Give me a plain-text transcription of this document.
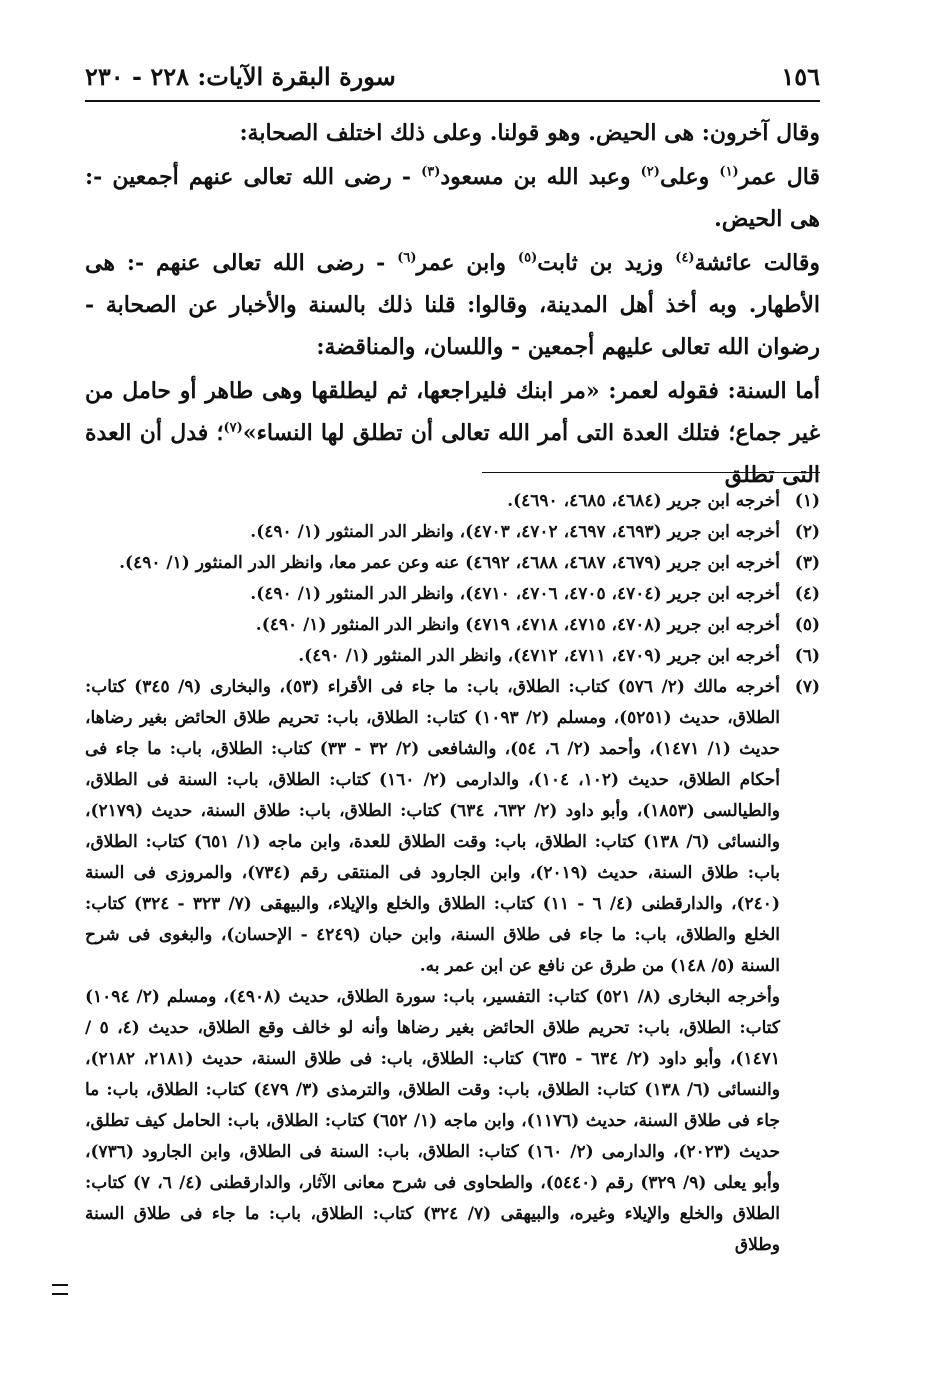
١٥٦
سورة البقرة الآيات: ٢٢٨ - ٢٣٠

وقال آخرون: هى الحيض. وهو قولنا. وعلى ذلك اختلف الصحابة:

قال عمر$^{(١)}$ وعلى$^{(٢)}$ وعبد الله بن مسعود$^{(٣)}$ - رضى الله تعالى عنهم أجمعين -: هى الحيض.

وقالت عائشة$^{(٤)}$ وزيد بن ثابت$^{(٥)}$ وابن عمر$^{(٦)}$ - رضى الله تعالى عنهم -: هى الأطهار. وبه أخذ أهل المدينة، وقالوا: قلنا ذلك بالسنة والأخبار عن الصحابة - رضوان الله تعالى عليهم أجمعين - واللسان، والمناقضة:

أما السنة: فقوله لعمر: «مر ابنك فليراجعها، ثم ليطلقها وهى طاهر أو حامل من غير جماع؛ فتلك العدة التى أمر الله تعالى أن تطلق لها النساء»$^{(٧)}$؛ فدل أن العدة التى تطلق

(١)
أخرجه ابن جرير (٤٦٨٤، ٤٦٨٥، ٤٦٩٠).
(٢)
أخرجه ابن جرير (٤٦٩٣، ٤٦٩٧، ٤٧٠٢، ٤٧٠٣)، وانظر الدر المنثور (١/ ٤٩٠).
(٣)
أخرجه ابن جرير (٤٦٧٩، ٤٦٨٧، ٤٦٨٨، ٤٦٩٢) عنه وعن عمر معا، وانظر الدر المنثور (١/ ٤٩٠).
(٤)
أخرجه ابن جرير (٤٧٠٤، ٤٧٠٥، ٤٧٠٦، ٤٧١٠)، وانظر الدر المنثور (١/ ٤٩٠).
(٥)
أخرجه ابن جرير (٤٧٠٨، ٤٧١٥، ٤٧١٨، ٤٧١٩) وانظر الدر المنثور (١/ ٤٩٠).
(٦)
أخرجه ابن جرير (٤٧٠٩، ٤٧١١، ٤٧١٢)، وانظر الدر المنثور (١/ ٤٩٠).
(٧)
أخرجه مالك (٢/ ٥٧٦) كتاب: الطلاق، باب: ما جاء فى الأقراء (٥٣)، والبخارى (٩/ ٣٤٥) كتاب: الطلاق، حديث (٥٢٥١)، ومسلم (٢/ ١٠٩٣) كتاب: الطلاق، باب: تحريم طلاق الحائض بغير رضاها، حديث (١/ ١٤٧١)، وأحمد (٢/ ٦، ٥٤)، والشافعى (٢/ ٣٢ - ٣٣) كتاب: الطلاق، باب: ما جاء فى أحكام الطلاق، حديث (١٠٢، ١٠٤)، والدارمى (٢/ ١٦٠) كتاب: الطلاق، باب: السنة فى الطلاق، والطيالسى (١٨٥٣)، وأبو داود (٢/ ٦٣٢، ٦٣٤) كتاب: الطلاق، باب: طلاق السنة، حديث (٢١٧٩)، والنسائى (٦/ ١٣٨) كتاب: الطلاق، باب: وقت الطلاق للعدة، وابن ماجه (١/ ٦٥١) كتاب: الطلاق، باب: طلاق السنة، حديث (٢٠١٩)، وابن الجارود فى المنتقى رقم (٧٣٤)، والمروزى فى السنة (٢٤٠)، والدارقطنى (٤/ ٦ - ١١) كتاب: الطلاق والخلع والإيلاء، والبيهقى (٧/ ٣٢٣ - ٣٢٤) كتاب: الخلع والطلاق، باب: ما جاء فى طلاق السنة، وابن حبان (٤٢٤٩ - الإحسان)، والبغوى فى شرح السنة (٥/ ١٤٨) من طرق عن نافع عن ابن عمر به.
وأخرجه البخارى (٨/ ٥٢١) كتاب: التفسير، باب: سورة الطلاق، حديث (٤٩٠٨)، ومسلم (٢/ ١٠٩٤) كتاب: الطلاق، باب: تحريم طلاق الحائض بغير رضاها وأنه لو خالف وقع الطلاق، حديث (٤، ٥ / ١٤٧١)، وأبو داود (٢/ ٦٣٤ - ٦٣٥) كتاب: الطلاق، باب: فى طلاق السنة، حديث (٢١٨١، ٢١٨٢)، والنسائى (٦/ ١٣٨) كتاب: الطلاق، باب: وقت الطلاق، والترمذى (٣/ ٤٧٩) كتاب: الطلاق، باب: ما جاء فى طلاق السنة، حديث (١١٧٦)، وابن ماجه (١/ ٦٥٢) كتاب: الطلاق، باب: الحامل كيف تطلق، حديث (٢٠٢٣)، والدارمى (٢/ ١٦٠) كتاب: الطلاق، باب: السنة فى الطلاق، وابن الجارود (٧٣٦)، وأبو يعلى (٩/ ٣٢٩) رقم (٥٤٤٠)، والطحاوى فى شرح معانى الآثار، والدارقطنى (٤/ ٦، ٧) كتاب: الطلاق والخلع والإيلاء وغيره، والبيهقى (٧/ ٣٢٤) كتاب: الطلاق، باب: ما جاء فى طلاق السنة وطلاق
